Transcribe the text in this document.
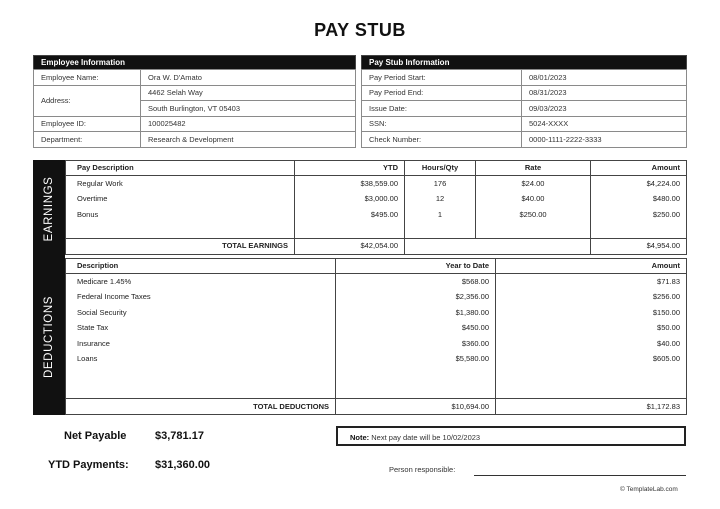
PAY STUB
Employee Information	
Employee Name:	Ora W. D'Amato
Address:	4462 Selah Way
	South Burlington, VT 05403
Employee ID:	100025482
Department:	Research & Development
Pay Stub Information	
Pay Period Start:	08/01/2023
Pay Period End:	08/31/2023
Issue Date:	09/03/2023
SSN:	5024-XXXX
Check Number:	0000-1111-2222-3333
EARNINGS
Pay Description	YTD	Hours/Qty	Rate	Amount
Regular Work	$38,559.00	176	$24.00	$4,224.00
Overtime	$3,000.00	12	$40.00	$480.00
Bonus	$495.00	1	$250.00	$250.00

TOTAL EARNINGS	$42,054.00			$4,954.00
DEDUCTIONS
Description	Year to Date	Amount
Medicare 1.45%	$568.00	$71.83
Federal Income Taxes	$2,356.00	$256.00
Social Security	$1,380.00	$150.00
State Tax	$450.00	$50.00
Insurance	$360.00	$40.00
Loans	$5,580.00	$605.00

TOTAL DEDUCTIONS	$10,694.00	$1,172.83
Net Payable	$3,781.17
YTD Payments: $31,360.00
Note: Next pay date will be 10/02/2023
Person responsible:
© TemplateLab.com
